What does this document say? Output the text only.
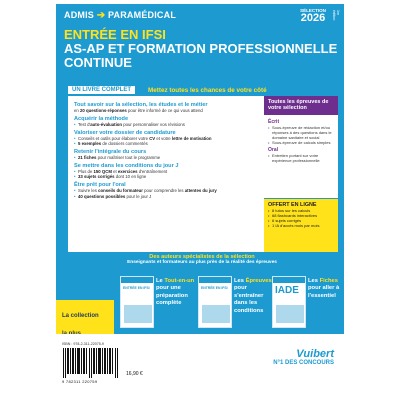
ADMIS ➔ PARAMÉDICAL	SÉLECTION
2026	1re édition
ENTRÉE EN IFSI
AS-AP ET FORMATION PROFESSIONNELLE
CONTINUE
UN LIVRE COMPLET	Mettez toutes les chances de votre côté
Tout savoir sur la sélection, les études et le métier
en 20 questions-réponses pour être informé de ce qui vous attend
Acquérir la méthode
• Test d'auto-évaluation pour personnaliser vos révisions
Valoriser votre dossier de candidature
• Conseils et outils pour élaborer votre CV et votre lettre de motivation
• 5 exemples de dossiers commentés
Retenir l'intégrale du cours
• 21 fiches pour maîtriser tout le programme
Se mettre dans les conditions du jour J
• Plus de 150 QCM et exercices d'entraînement
• 33 sujets corrigés dont 10 en ligne
Être prêt pour l'oral
• Suivre les conseils du formateur pour comprendre les attentes du jury
• 40 questions possibles pour le jour J
Toutes les épreuves de votre sélection
Écrit
• Sous-épreuve de rédaction et/ou réponses à des questions dans le domaine sanitaire et social
• Sous-épreuve de calculs simples
Oral
• Entretien portant sur votre expérience professionnelle
OFFERT EN LIGNE
• 8 tutos sur les calculs
• 68 flashcards interactives
• 6 sujets corrigés
• 1 IA d'accès mois par mois
Des auteurs spécialistes de la sélection
Enseignants et formateurs au plus près de la réalité des épreuves
La collection

ENTRÉE EN IFSI
Le Tout-en-un pour une préparation complète
ENTRÉE EN IFSI
Les Épreuves pour s'entraîner dans les conditions
IADE
Les Fiches pour aller à l'essentiel
ISBN : 978-2-311-22075-9
9 782311 220759
16,90 €
Vuibert
N°1 DES CONCOURS
